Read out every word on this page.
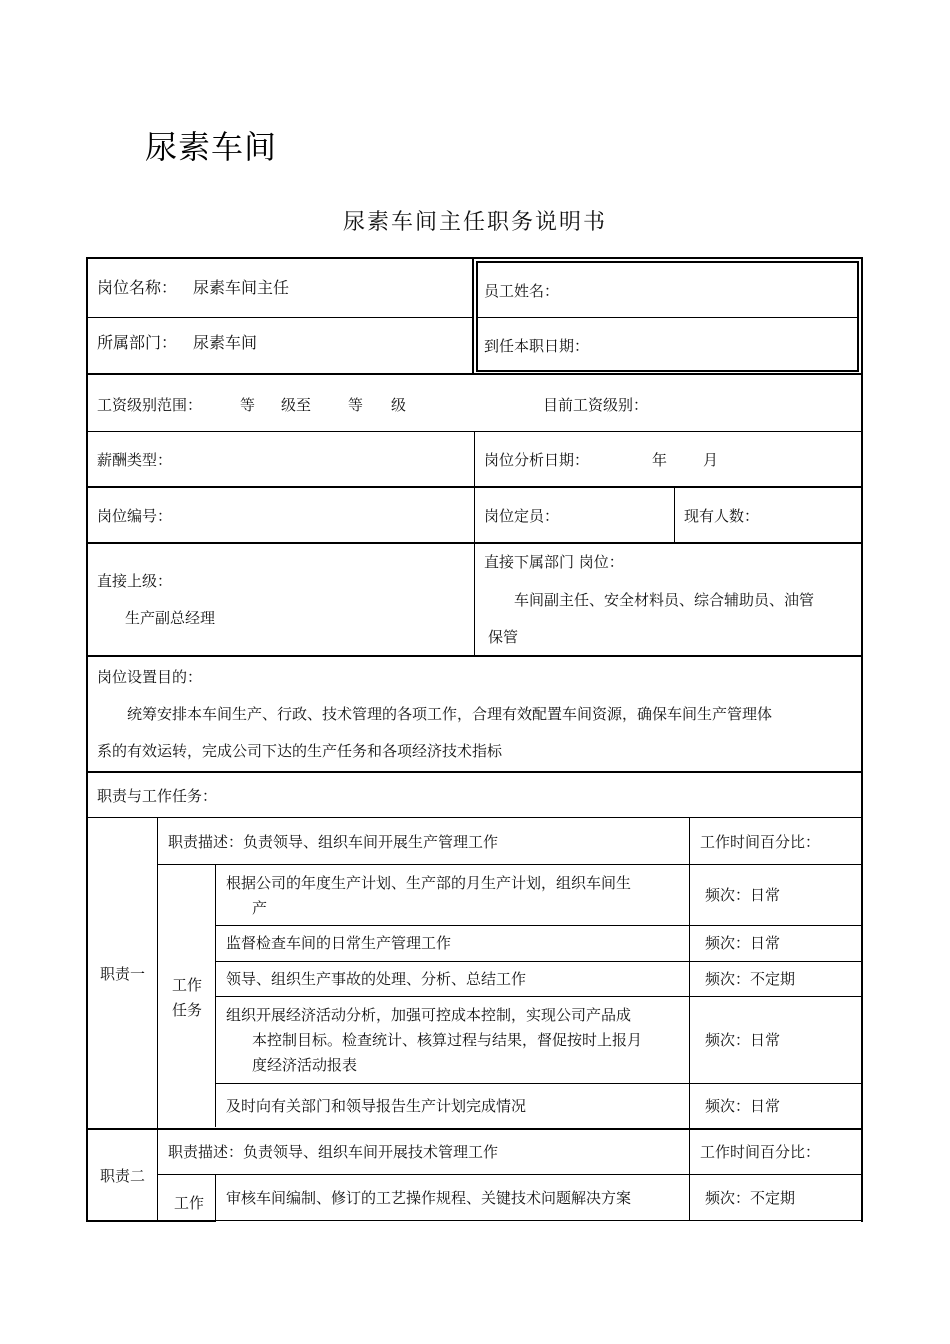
尿素车间
尿素车间主任职务说明书
岗位名称： 尿素车间主任	员工姓名：
所属部门： 尿素车间	到任本职日期：
工资级别范围：	等 级至 等 级	目前工资级别：
薪酬类型：	岗位分析日期：	年 月
岗位编号：	岗位定员：	现有人数：
直接上级：
生产副总经理
直接下属部门 岗位：
车间副主任、安全材料员、综合辅助员、油管
保管
岗位设置目的：
统筹安排本车间生产、行政、技术管理的各项工作，合理有效配置车间资源，确保车间生产管理体
系的有效运转，完成公司下达的生产任务和各项经济技术指标
职责与工作任务：
职责一
职责描述：负责领导、组织车间开展生产管理工作	工作时间百分比：
工作
任务
根据公司的年度生产计划、生产部的月生产计划，组织车间生
产
频次：日常
监督检查车间的日常生产管理工作	频次：日常
领导、组织生产事故的处理、分析、总结工作	频次：不定期
组织开展经济活动分析，加强可控成本控制，实现公司产品成
本控制目标。检查统计、核算过程与结果，督促按时上报月
度经济活动报表
频次：日常
及时向有关部门和领导报告生产计划完成情况	频次：日常
职责二
职责描述：负责领导、组织车间开展技术管理工作	工作时间百分比：
工作 审核车间编制、修订的工艺操作规程、关键技术问题解决方案	频次：不定期
